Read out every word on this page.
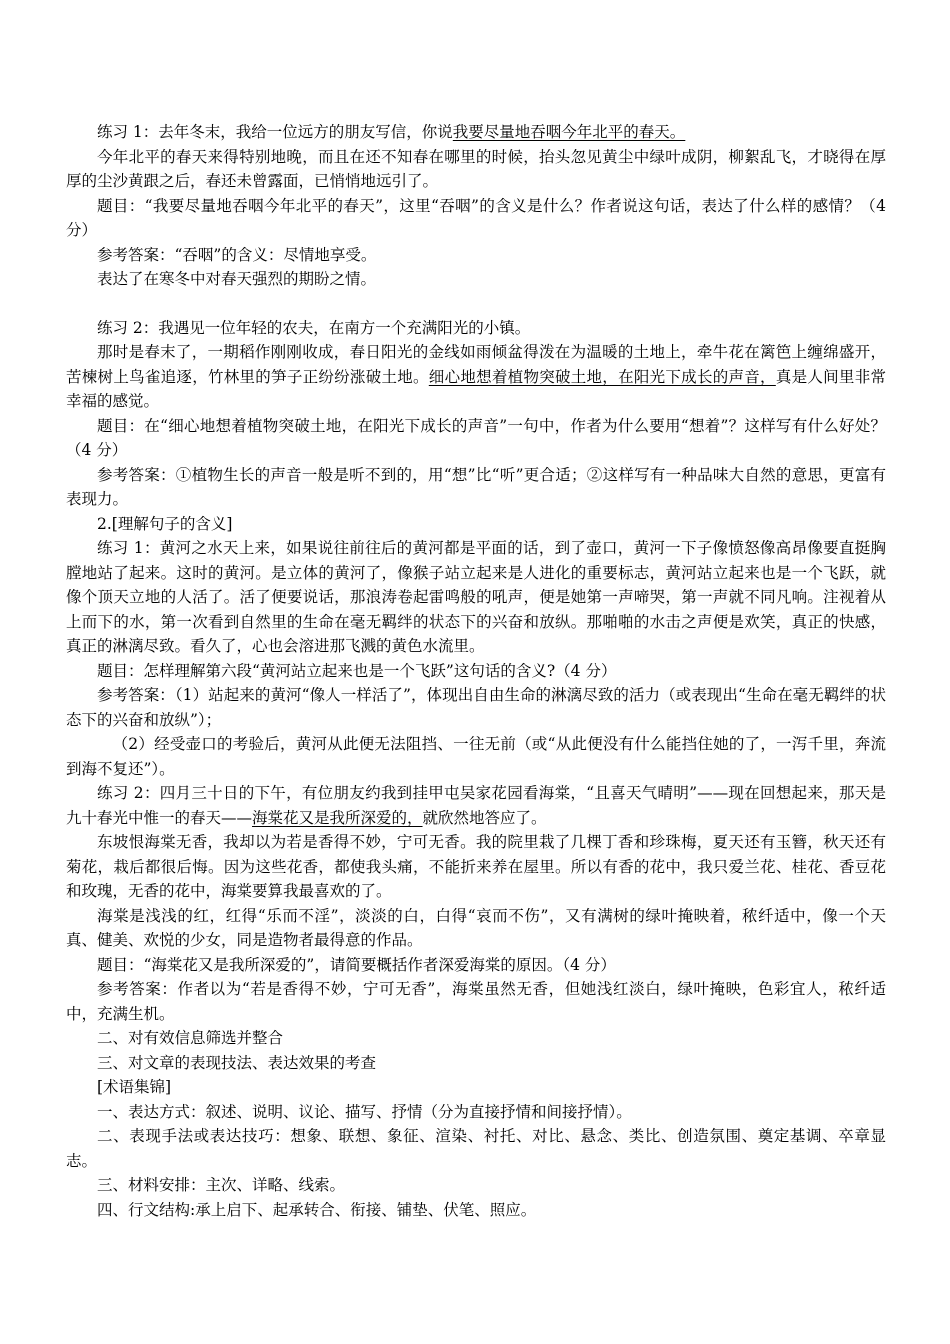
练习 1：去年冬末，我给一位远方的朋友写信，你说我要尽量地吞咽今年北平的春天。

今年北平的春天来得特别地晚，而且在还不知春在哪里的时候，抬头忽见黄尘中绿叶成阴，柳絮乱飞，才晓得在厚厚的尘沙黄跟之后，春还未曾露面，已悄悄地远引了。

题目：“我要尽量地吞咽今年北平的春天”，这里“吞咽”的含义是什么？作者说这句话，表达了什么样的感情？（4 分）

参考答案：“吞咽”的含义：尽情地享受。

表达了在寒冬中对春天强烈的期盼之情。

练习 2：我遇见一位年轻的农夫，在南方一个充满阳光的小镇。

那时是春末了，一期稻作刚刚收成，春日阳光的金线如雨倾盆得泼在为温暖的土地上，牵牛花在篱笆上缠绵盛开，苦楝树上鸟雀追逐，竹林里的笋子正纷纷涨破土地。细心地想着植物突破土地，在阳光下成长的声音，真是人间里非常幸福的感觉。

题目：在“细心地想着植物突破土地，在阳光下成长的声音”一句中，作者为什么要用“想着”？这样写有什么好处？（4 分）

参考答案：①植物生长的声音一般是听不到的，用“想”比“听”更合适；②这样写有一种品味大自然的意思，更富有表现力。

2.[理解句子的含义]

练习 1：黄河之水天上来，如果说往前往后的黄河都是平面的话，到了壶口，黄河一下子像愤怒像高昂像要直挺胸膛地站了起来。这时的黄河。是立体的黄河了，像猴子站立起来是人进化的重要标志，黄河站立起来也是一个飞跃，就像个顶天立地的人活了。活了便要说话，那浪涛卷起雷鸣般的吼声，便是她第一声啼哭，第一声就不同凡响。注视着从上而下的水，第一次看到自然里的生命在毫无羁绊的状态下的兴奋和放纵。那啪啪的水击之声便是欢笑，真正的快感，真正的淋漓尽致。看久了，心也会溶进那飞溅的黄色水流里。

题目：怎样理解第六段“黄河站立起来也是一个飞跃”这句话的含义?（4 分）

参考答案：（1）站起来的黄河“像人一样活了”，体现出自由生命的淋漓尽致的活力（或表现出“生命在毫无羁绊的状态下的兴奋和放纵”）；

（2）经受壶口的考验后，黄河从此便无法阻挡、一往无前（或“从此便没有什么能挡住她的了，一泻千里，奔流到海不复还”）。

练习 2：四月三十日的下午，有位朋友约我到挂甲屯吴家花园看海棠，“且喜天气晴明”——现在回想起来，那天是九十春光中惟一的春天——海棠花又是我所深爱的，就欣然地答应了。

东坡恨海棠无香，我却以为若是香得不妙，宁可无香。我的院里栽了几棵丁香和珍珠梅，夏天还有玉簪，秋天还有菊花，栽后都很后悔。因为这些花香，都使我头痛，不能折来养在屋里。所以有香的花中，我只爱兰花、桂花、香豆花和玫瑰，无香的花中，海棠要算我最喜欢的了。

海棠是浅浅的红，红得“乐而不淫”，淡淡的白，白得“哀而不伤”，又有满树的绿叶掩映着，秾纤适中，像一个天真、健美、欢悦的少女，同是造物者最得意的作品。

题目：“海棠花又是我所深爱的”，请简要概括作者深爱海棠的原因。（4 分）

参考答案：作者以为“若是香得不妙，宁可无香”，海棠虽然无香，但她浅红淡白，绿叶掩映，色彩宜人，秾纤适中，充满生机。

二、对有效信息筛选并整合

三、对文章的表现技法、表达效果的考查

[术语集锦]

一、表达方式：叙述、说明、议论、描写、抒情（分为直接抒情和间接抒情）。

二、表现手法或表达技巧：想象、联想、象征、渲染、衬托、对比、悬念、类比、创造氛围、奠定基调、卒章显志。

三、材料安排：主次、详略、线索。

四、行文结构:承上启下、起承转合、衔接、铺垫、伏笔、照应。
